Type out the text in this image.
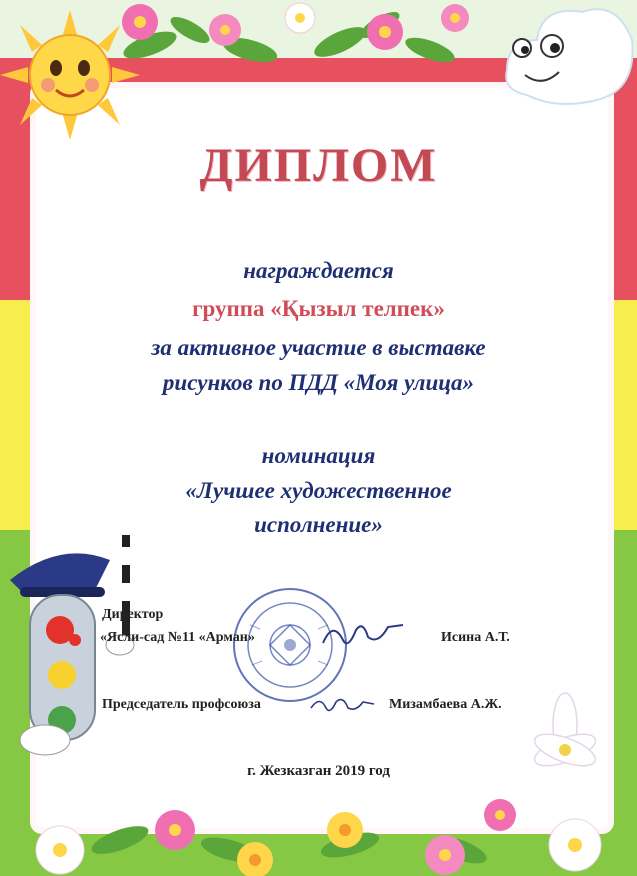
ДИПЛОМ
награждается
группа «Қызыл телпек»
за активное участие в выставке
рисунков по ПДД «Моя улица»
номинация
«Лучшее художественное
исполнение»
Директор
«Ясли-сад №11 «Арман»	Исина А.Т.
Председатель профсоюза	Мизамбаева А.Ж.
г. Жезказган 2019 год
